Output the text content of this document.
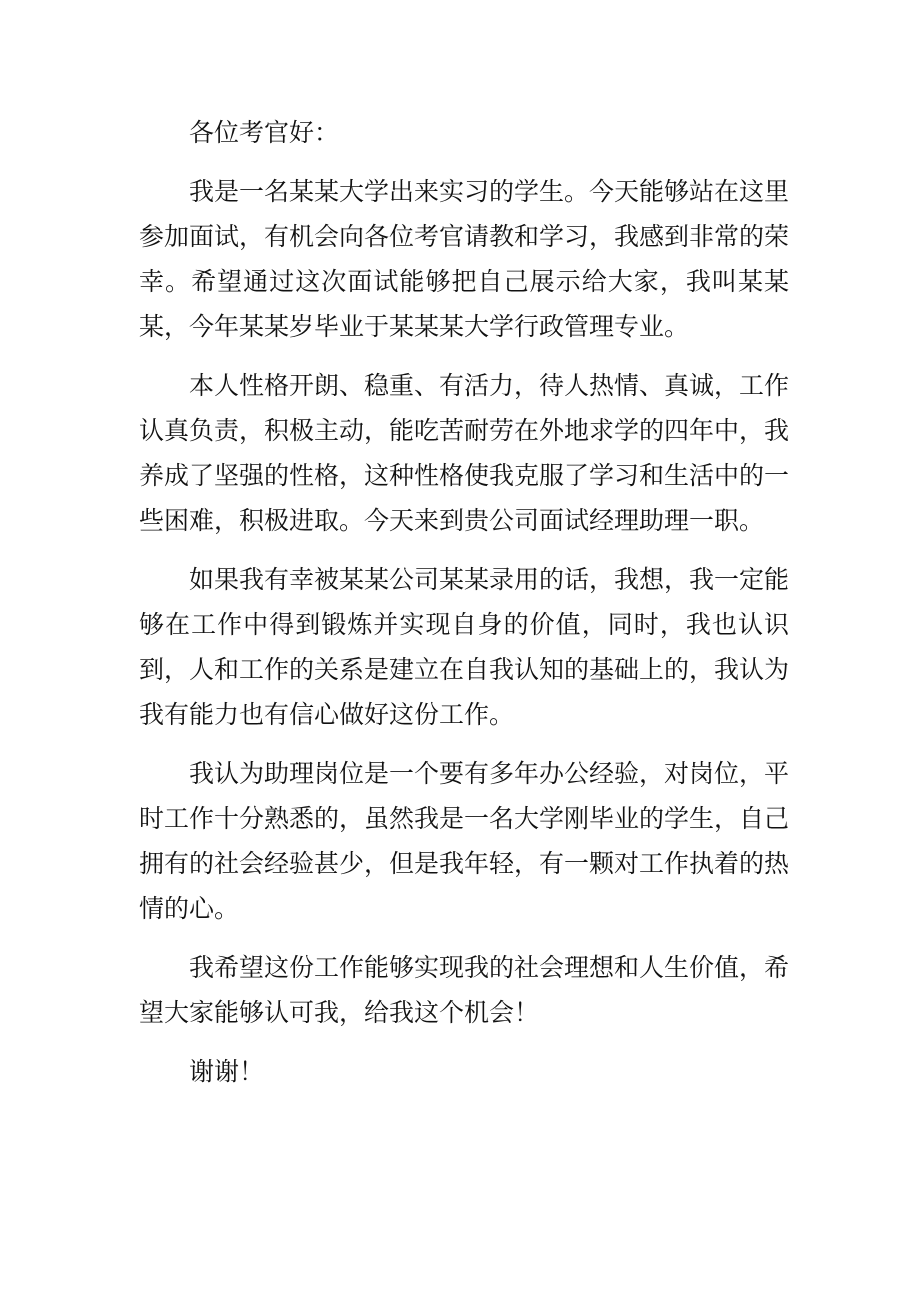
各位考官好：

我是一名某某大学出来实习的学生。今天能够站在这里参加面试，有机会向各位考官请教和学习，我感到非常的荣幸。希望通过这次面试能够把自己展示给大家，我叫某某某，今年某某岁毕业于某某某大学行政管理专业。

本人性格开朗、稳重、有活力，待人热情、真诚，工作认真负责，积极主动，能吃苦耐劳在外地求学的四年中，我养成了坚强的性格，这种性格使我克服了学习和生活中的一些困难，积极进取。今天来到贵公司面试经理助理一职。

如果我有幸被某某公司某某录用的话，我想，我一定能够在工作中得到锻炼并实现自身的价值，同时，我也认识到，人和工作的关系是建立在自我认知的基础上的，我认为我有能力也有信心做好这份工作。

我认为助理岗位是一个要有多年办公经验，对岗位，平时工作十分熟悉的，虽然我是一名大学刚毕业的学生，自己拥有的社会经验甚少，但是我年轻，有一颗对工作执着的热情的心。

我希望这份工作能够实现我的社会理想和人生价值，希望大家能够认可我，给我这个机会！

谢谢！
